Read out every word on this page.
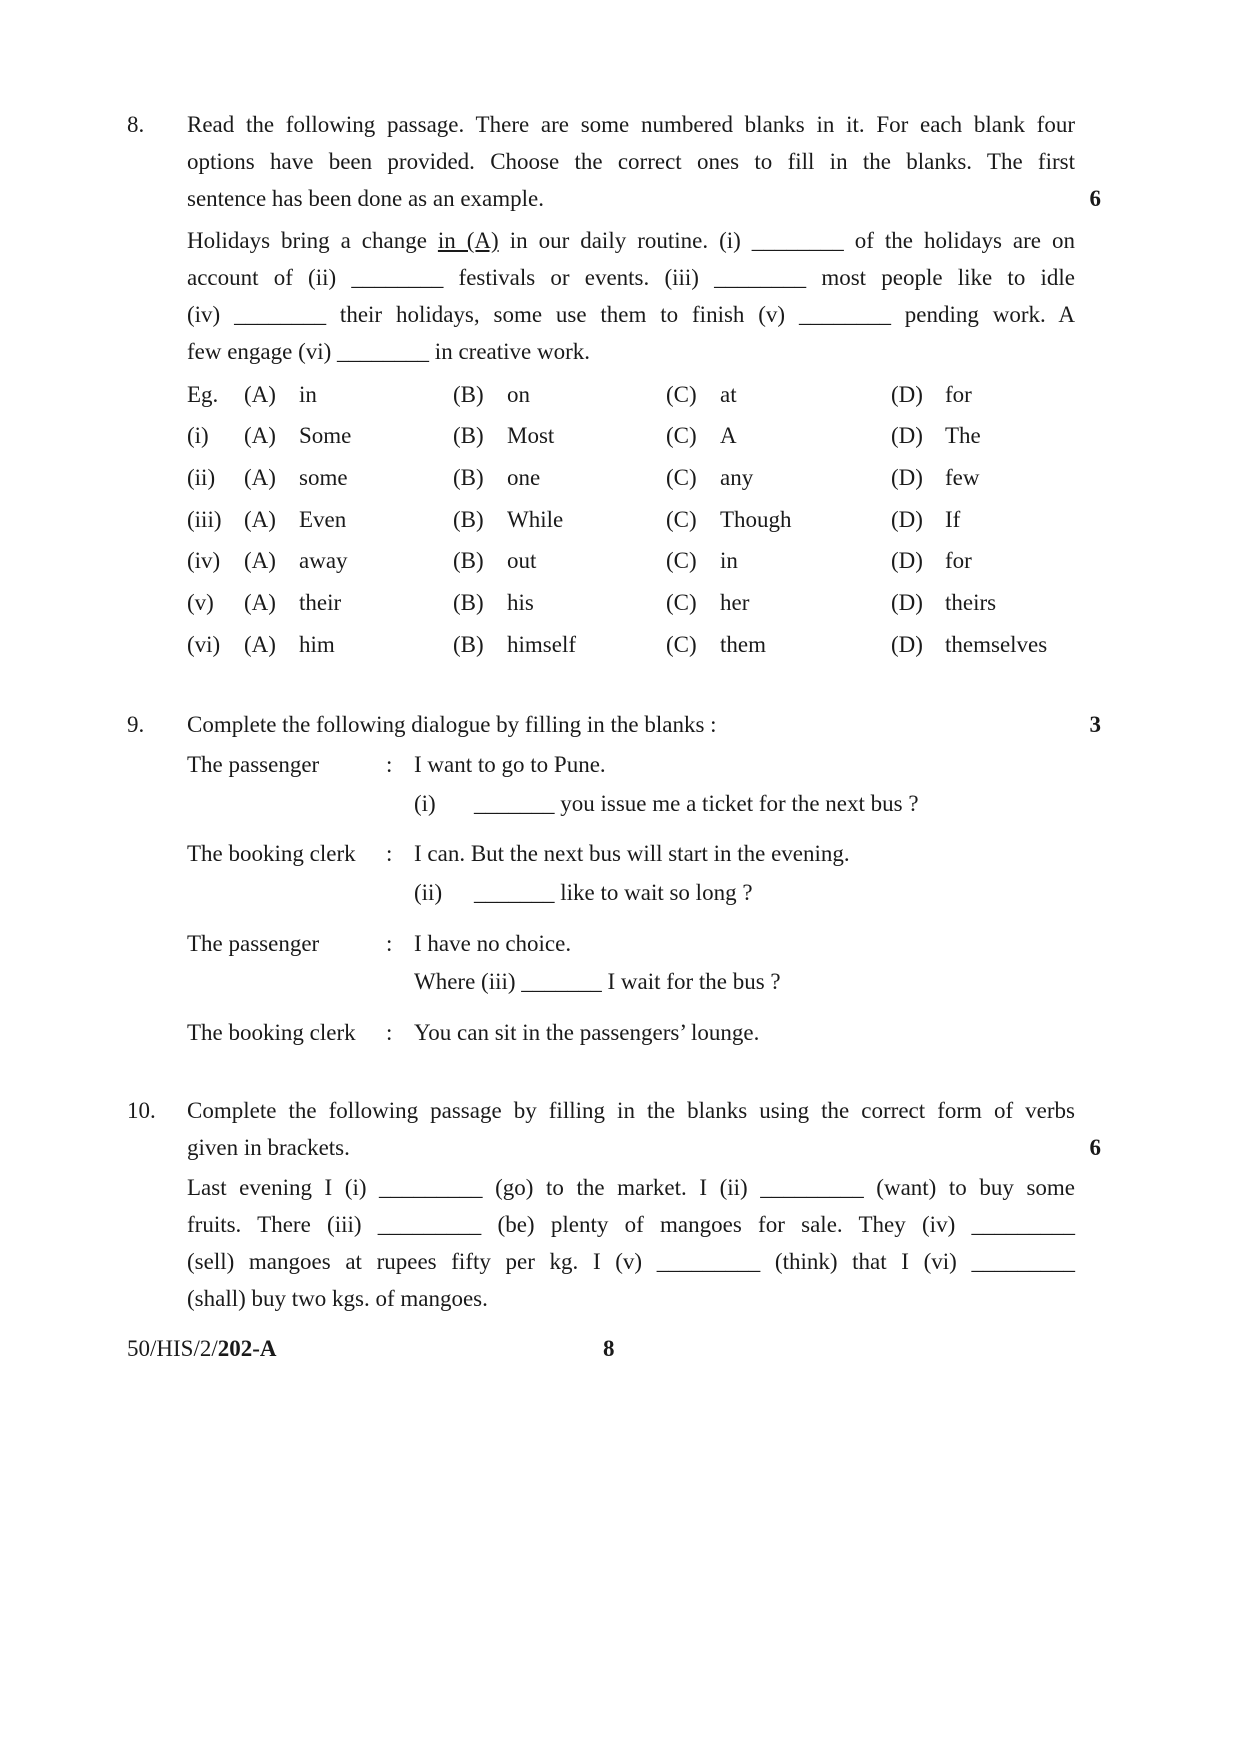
8. Read the following passage. There are some numbered blanks in it. For each blank four
options have been provided. Choose the correct ones to fill in the blanks. The first
sentence has been done as an example.	6
Holidays bring a change in (A) in our daily routine. (i) ________ of the holidays are on
account of (ii) ________ festivals or events. (iii) ________ most people like to idle
(iv) ________ their holidays, some use them to finish (v) ________ pending work. A
few engage (vi) ________ in creative work.
Eg. (A) in	(B) on	(C) at	(D) for
(i) (A) Some	(B) Most	(C) A	(D) The
(ii) (A) some	(B) one	(C) any	(D) few
(iii) (A) Even	(B) While	(C) Though	(D) If
(iv) (A) away	(B) out	(C) in	(D) for
(v) (A) their	(B) his	(C) her	(D) theirs
(vi) (A) him	(B) himself	(C) them	(D) themselves
9. Complete the following dialogue by filling in the blanks :	3
The passenger	: I want to go to Pune.
(i) _______ you issue me a ticket for the next bus ?
The booking clerk : I can. But the next bus will start in the evening.
(ii) _______ like to wait so long ?
The passenger	: I have no choice.
Where (iii) _______ I wait for the bus ?
The booking clerk : You can sit in the passengers’ lounge.
10. Complete the following passage by filling in the blanks using the correct form of verbs
given in brackets.	6
Last evening I (i) _________ (go) to the market. I (ii) _________ (want) to buy some
fruits. There (iii) _________ (be) plenty of mangoes for sale. They (iv) _________
(sell) mangoes at rupees fifty per kg. I (v) _________ (think) that I (vi) _________
(shall) buy two kgs. of mangoes.
50/HIS/2/202-A	8
